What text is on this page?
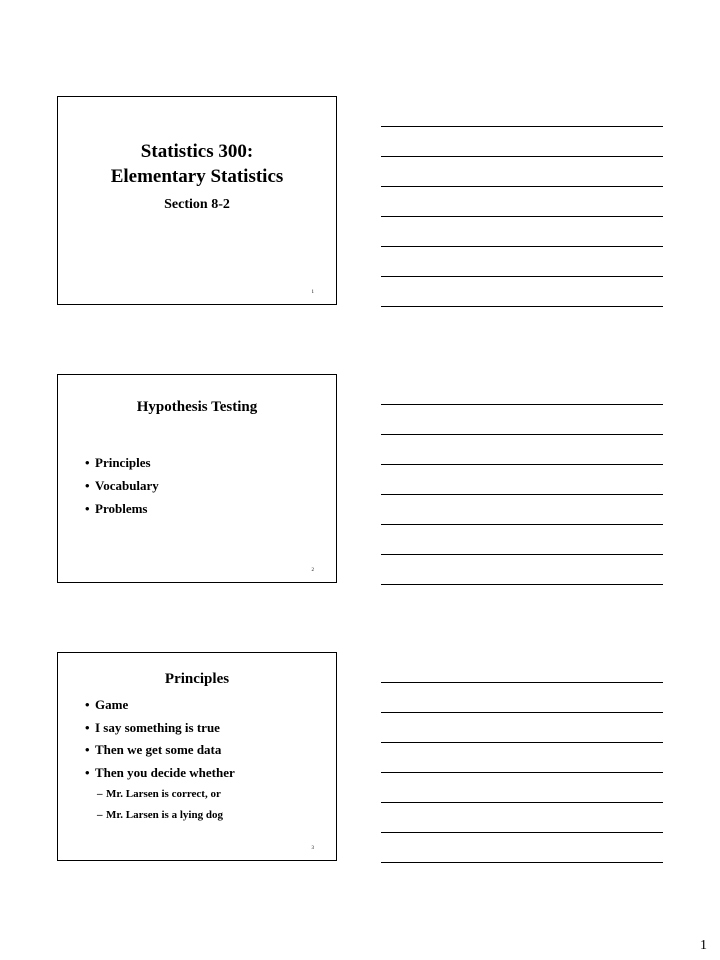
Statistics 300:
Elementary Statistics
Section 8-2
1
Hypothesis Testing
• Principles
• Vocabulary
• Problems
2
Principles
• Game
• I say something is true
• Then we get some data
• Then you decide whether
– Mr. Larsen is correct, or
– Mr. Larsen is a lying dog
3
1
